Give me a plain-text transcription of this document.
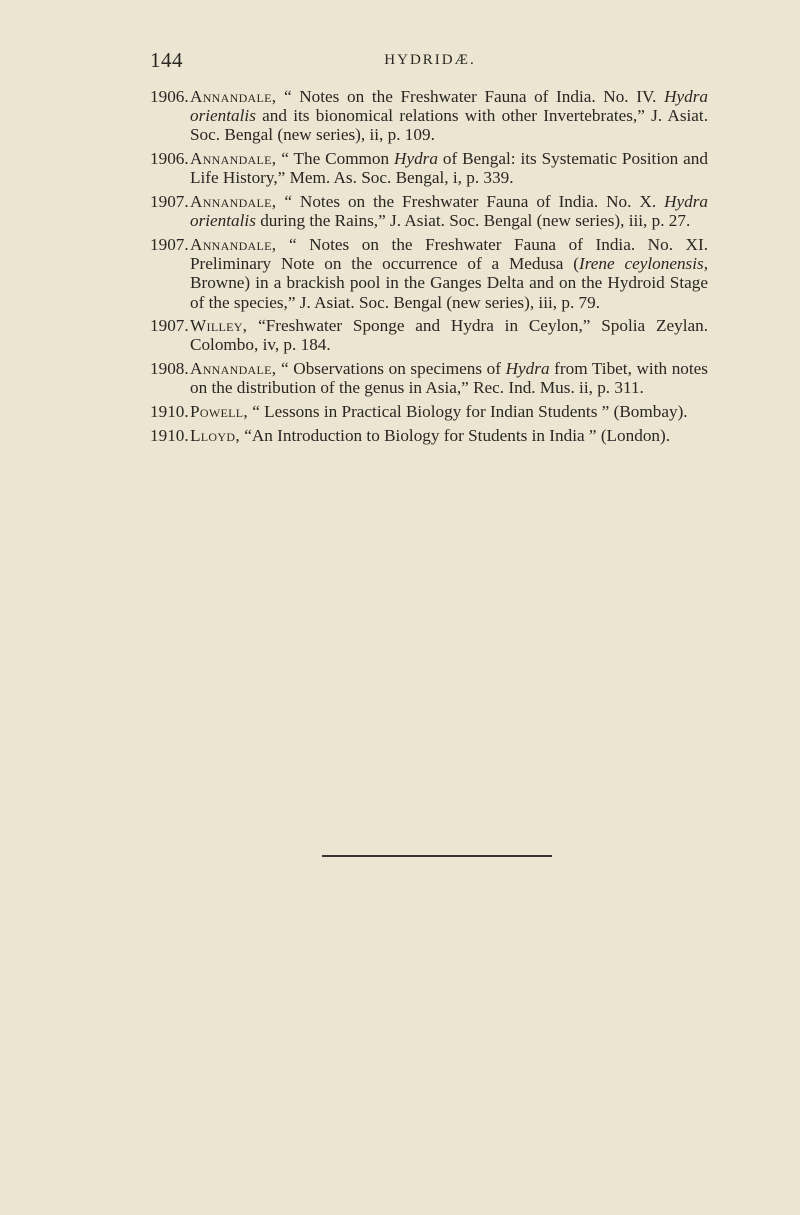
144	HYDRIDÆ.
1906.Annandale, “ Notes on the Freshwater Fauna of India. No. IV. Hydra orientalis and its bionomical relations with other Invertebrates,” J. Asiat. Soc. Bengal (new series), ii, p. 109.
1906.Annandale, “ The Common Hydra of Bengal: its Systematic Position and Life History,” Mem. As. Soc. Bengal, i, p. 339.
1907.Annandale, “ Notes on the Freshwater Fauna of India. No. X. Hydra orientalis during the Rains,” J. Asiat. Soc. Bengal (new series), iii, p. 27.
1907.Annandale, “ Notes on the Freshwater Fauna of India. No. XI. Preliminary Note on the occurrence of a Medusa (Irene ceylonensis, Browne) in a brackish pool in the Ganges Delta and on the Hydroid Stage of the species,” J. Asiat. Soc. Bengal (new series), iii, p. 79.
1907.Willey, “Freshwater Sponge and Hydra in Ceylon,” Spolia Zeylan. Colombo, iv, p. 184.
1908.Annandale, “ Observations on specimens of Hydra from Tibet, with notes on the distribution of the genus in Asia,” Rec. Ind. Mus. ii, p. 311.
1910.Powell, “ Lessons in Practical Biology for Indian Students ” (Bombay).
1910.Lloyd, “An Introduction to Biology for Students in India ” (London).
